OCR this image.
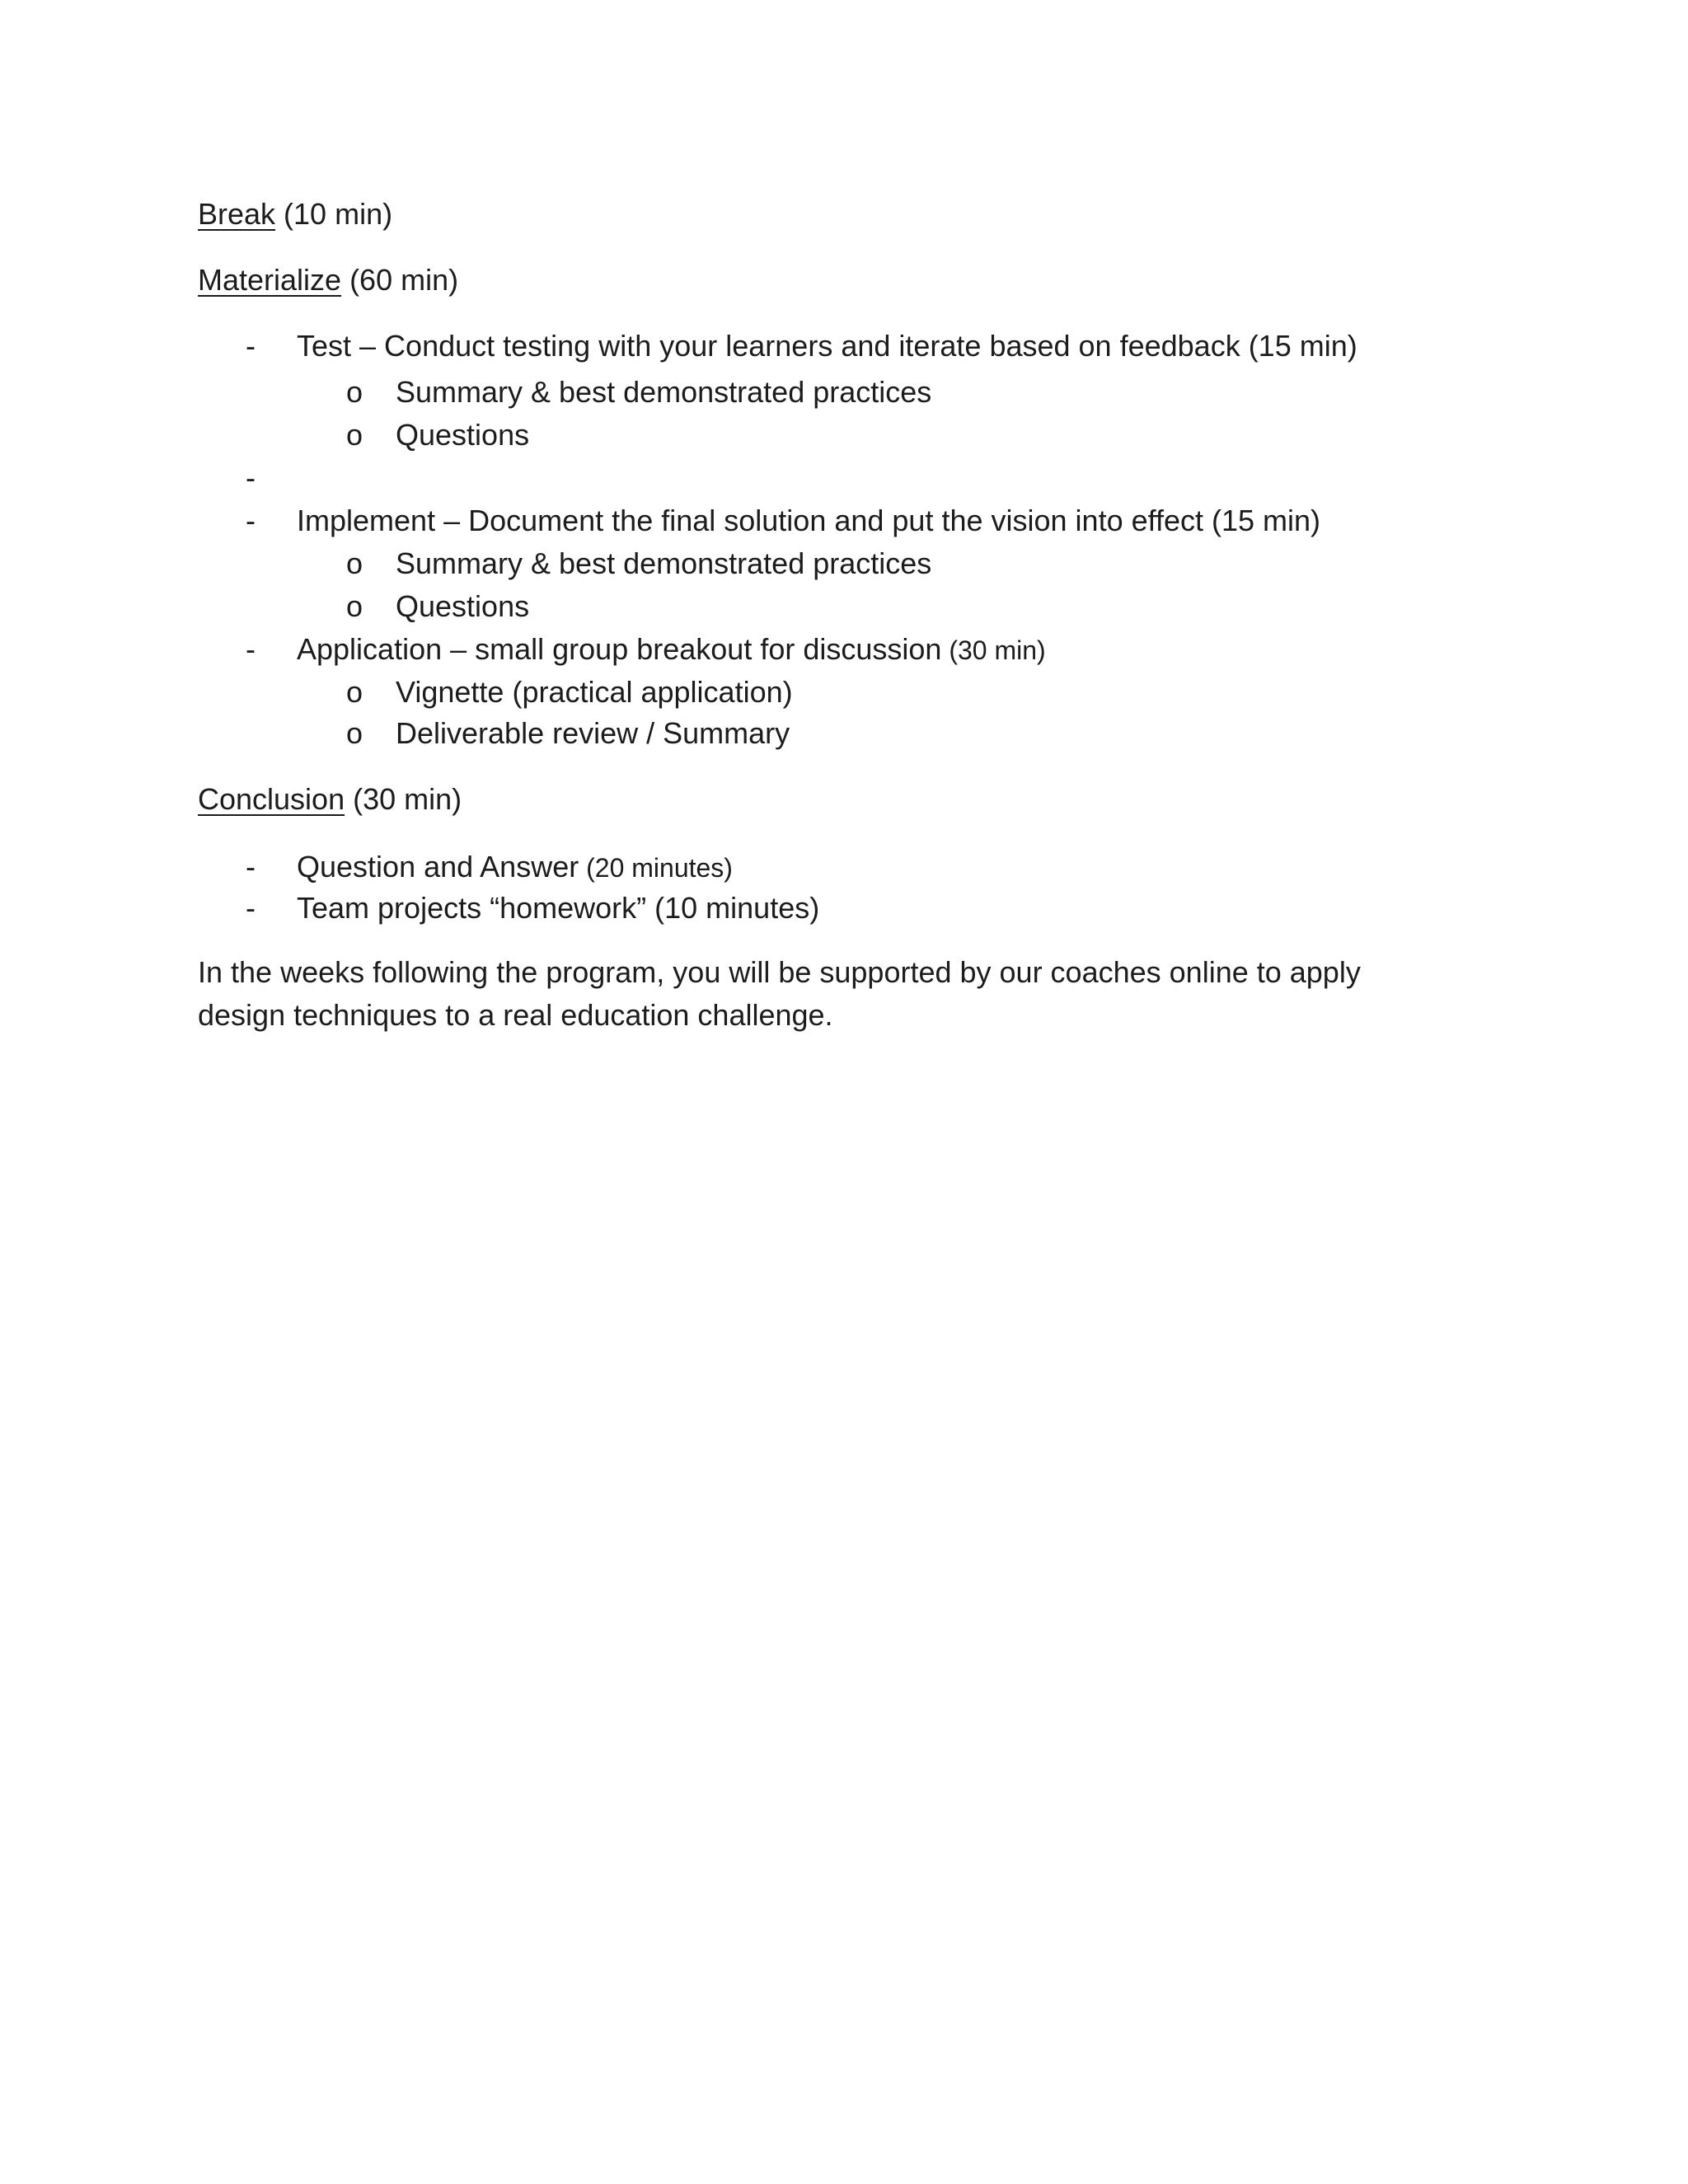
Break (10 min)
Materialize (60 min)
- Test – Conduct testing with your learners and iterate based on feedback (15 min)
o Summary & best demonstrated practices
o Questions
-
- Implement – Document the final solution and put the vision into effect (15 min)
o Summary & best demonstrated practices
o Questions
- Application – small group breakout for discussion (30 min)
o Vignette (practical application)
o Deliverable review / Summary
Conclusion (30 min)
- Question and Answer (20 minutes)
- Team projects “homework” (10 minutes)
In the weeks following the program, you will be supported by our coaches online to apply
design techniques to a real education challenge.
